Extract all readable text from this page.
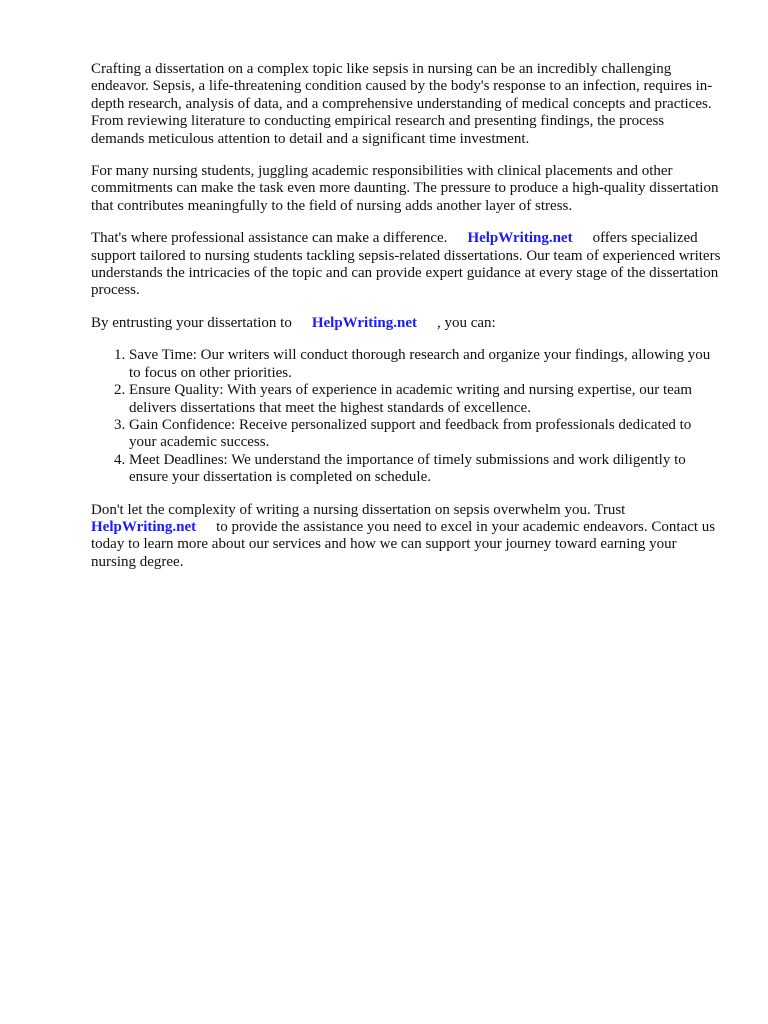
Crafting a dissertation on a complex topic like sepsis in nursing can be an incredibly challenging endeavor. Sepsis, a life-threatening condition caused by the body's response to an infection, requires in-depth research, analysis of data, and a comprehensive understanding of medical concepts and practices. From reviewing literature to conducting empirical research and presenting findings, the process demands meticulous attention to detail and a significant time investment.

For many nursing students, juggling academic responsibilities with clinical placements and other commitments can make the task even more daunting. The pressure to produce a high-quality dissertation that contributes meaningfully to the field of nursing adds another layer of stress.

That's where professional assistance can make a difference. HelpWriting.net offers specialized support tailored to nursing students tackling sepsis-related dissertations. Our team of experienced writers understands the intricacies of the topic and can provide expert guidance at every stage of the dissertation process.

By entrusting your dissertation to HelpWriting.net , you can:

1. Save Time: Our writers will conduct thorough research and organize your findings, allowing you to focus on other priorities.
2. Ensure Quality: With years of experience in academic writing and nursing expertise, our team delivers dissertations that meet the highest standards of excellence.
3. Gain Confidence: Receive personalized support and feedback from professionals dedicated to your academic success.
4. Meet Deadlines: We understand the importance of timely submissions and work diligently to ensure your dissertation is completed on schedule.

Don't let the complexity of writing a nursing dissertation on sepsis overwhelm you. Trust
HelpWriting.net to provide the assistance you need to excel in your academic endeavors. Contact us today to learn more about our services and how we can support your journey toward earning your nursing degree.
